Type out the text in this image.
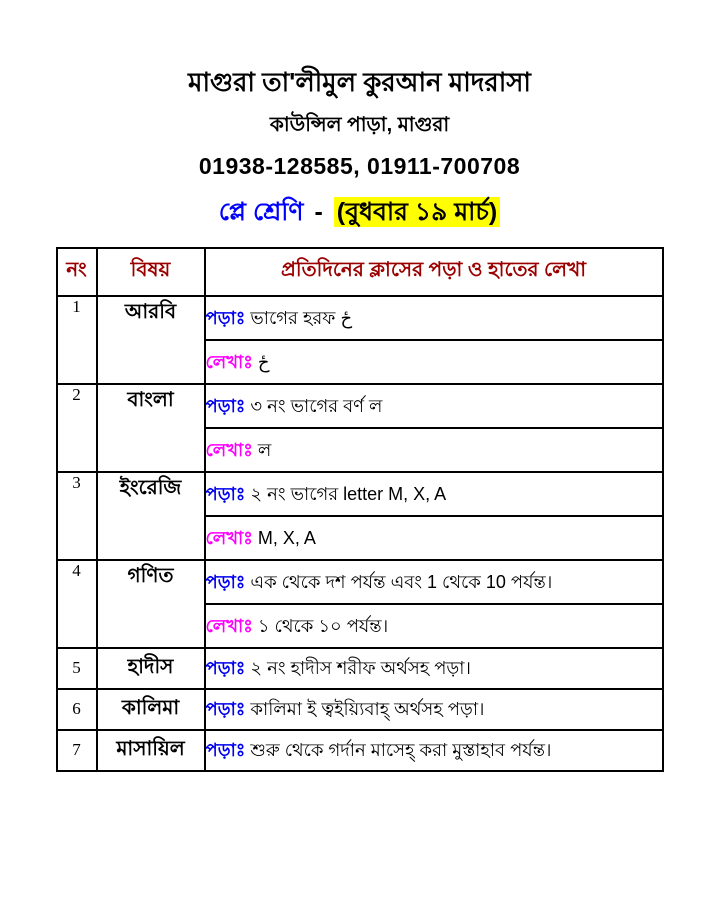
মাগুরা তা'লীমুল কুরআন মাদরাসা
কাউন্সিল পাড়া, মাগুরা
01938-128585, 01911-700708
প্লে শ্রেণি - (বুধবার ১৯ মার্চ)
নং	বিষয়	প্রতিদিনের ক্লাসের পড়া ও হাতের লেখা
1	আরবি	পড়াঃ ভাগের হরফ ځ
		লেখাঃ ځ
2	বাংলা	পড়াঃ ৩ নং ভাগের বর্ণ ল
		লেখাঃ ল
3	ইংরেজি	পড়াঃ ২ নং ভাগের letter M, X, A
		লেখাঃ M, X, A
4	গণিত	পড়াঃ এক থেকে দশ পর্যন্ত এবং 1 থেকে 10 পর্যন্ত।
		লেখাঃ ১ থেকে ১০ পর্যন্ত।
5	হাদীস	পড়াঃ ২ নং হাদীস শরীফ অর্থসহ পড়া।
6	কালিমা	পড়াঃ কালিমা ই ত্বইয়্যিবাহ্ অর্থসহ পড়া।
7	মাসায়িল	পড়াঃ শুরু থেকে গর্দান মাসেহ্ করা মুস্তাহাব পর্যন্ত।
